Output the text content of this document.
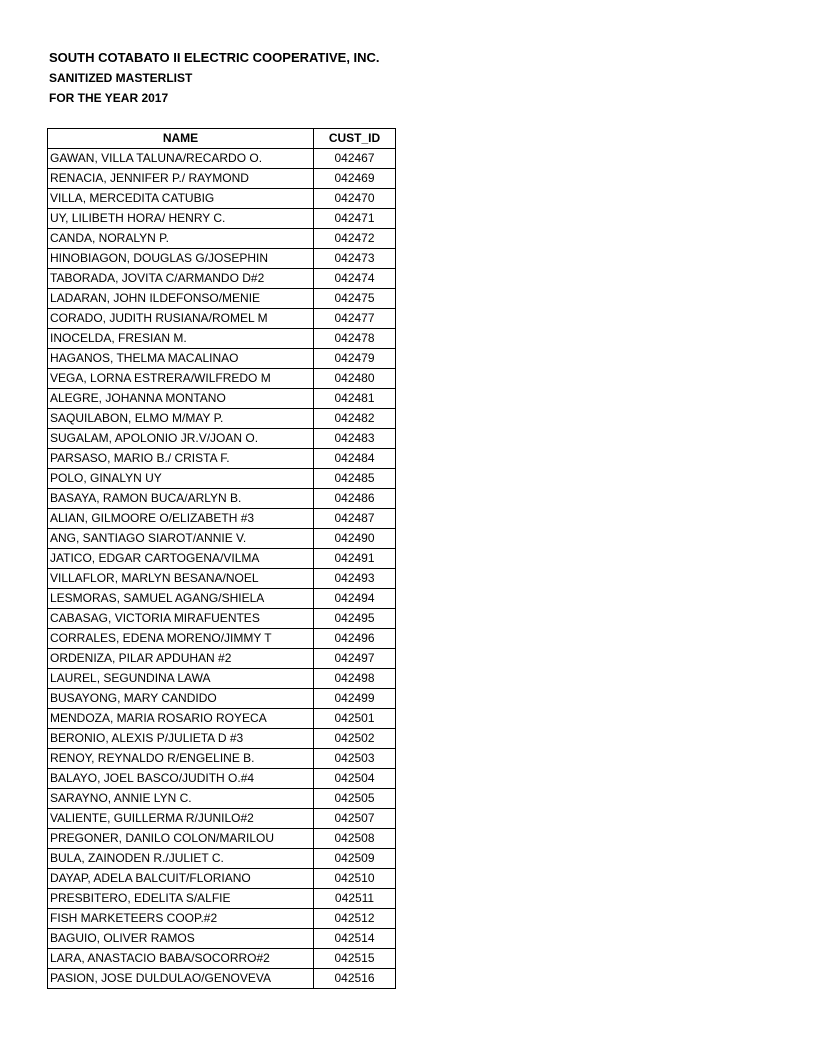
SOUTH COTABATO II ELECTRIC COOPERATIVE, INC.
SANITIZED MASTERLIST
FOR THE YEAR 2017
NAME	CUST_ID
GAWAN, VILLA TALUNA/RECARDO O.	042467
RENACIA, JENNIFER P./ RAYMOND	042469
VILLA, MERCEDITA CATUBIG	042470
UY, LILIBETH HORA/ HENRY C.	042471
CANDA, NORALYN P.	042472
HINOBIAGON, DOUGLAS G/JOSEPHIN	042473
TABORADA, JOVITA C/ARMANDO D#2	042474
LADARAN, JOHN ILDEFONSO/MENIE	042475
CORADO, JUDITH RUSIANA/ROMEL M	042477
INOCELDA, FRESIAN M.	042478
HAGANOS, THELMA MACALINAO	042479
VEGA, LORNA ESTRERA/WILFREDO M	042480
ALEGRE, JOHANNA MONTANO	042481
SAQUILABON, ELMO M/MAY P.	042482
SUGALAM, APOLONIO JR.V/JOAN O.	042483
PARSASO, MARIO B./ CRISTA F.	042484
POLO, GINALYN UY	042485
BASAYA, RAMON BUCA/ARLYN B.	042486
ALIAN, GILMOORE O/ELIZABETH #3	042487
ANG, SANTIAGO SIAROT/ANNIE V.	042490
JATICO, EDGAR CARTOGENA/VILMA	042491
VILLAFLOR, MARLYN BESANA/NOEL	042493
LESMORAS, SAMUEL AGANG/SHIELA	042494
CABASAG, VICTORIA MIRAFUENTES	042495
CORRALES, EDENA MORENO/JIMMY T	042496
ORDENIZA, PILAR APDUHAN #2	042497
LAUREL, SEGUNDINA LAWA	042498
BUSAYONG, MARY CANDIDO	042499
MENDOZA, MARIA ROSARIO ROYECA	042501
BERONIO, ALEXIS P/JULIETA D #3	042502
RENOY, REYNALDO R/ENGELINE B.	042503
BALAYO, JOEL BASCO/JUDITH O.#4	042504
SARAYNO, ANNIE LYN C.	042505
VALIENTE, GUILLERMA R/JUNILO#2	042507
PREGONER, DANILO COLON/MARILOU	042508
BULA, ZAINODEN R./JULIET C.	042509
DAYAP, ADELA BALCUIT/FLORIANO	042510
PRESBITERO, EDELITA S/ALFIE	042511
FISH MARKETEERS COOP.#2	042512
BAGUIO, OLIVER RAMOS	042514
LARA, ANASTACIO BABA/SOCORRO#2	042515
PASION, JOSE DULDULAO/GENOVEVA	042516
